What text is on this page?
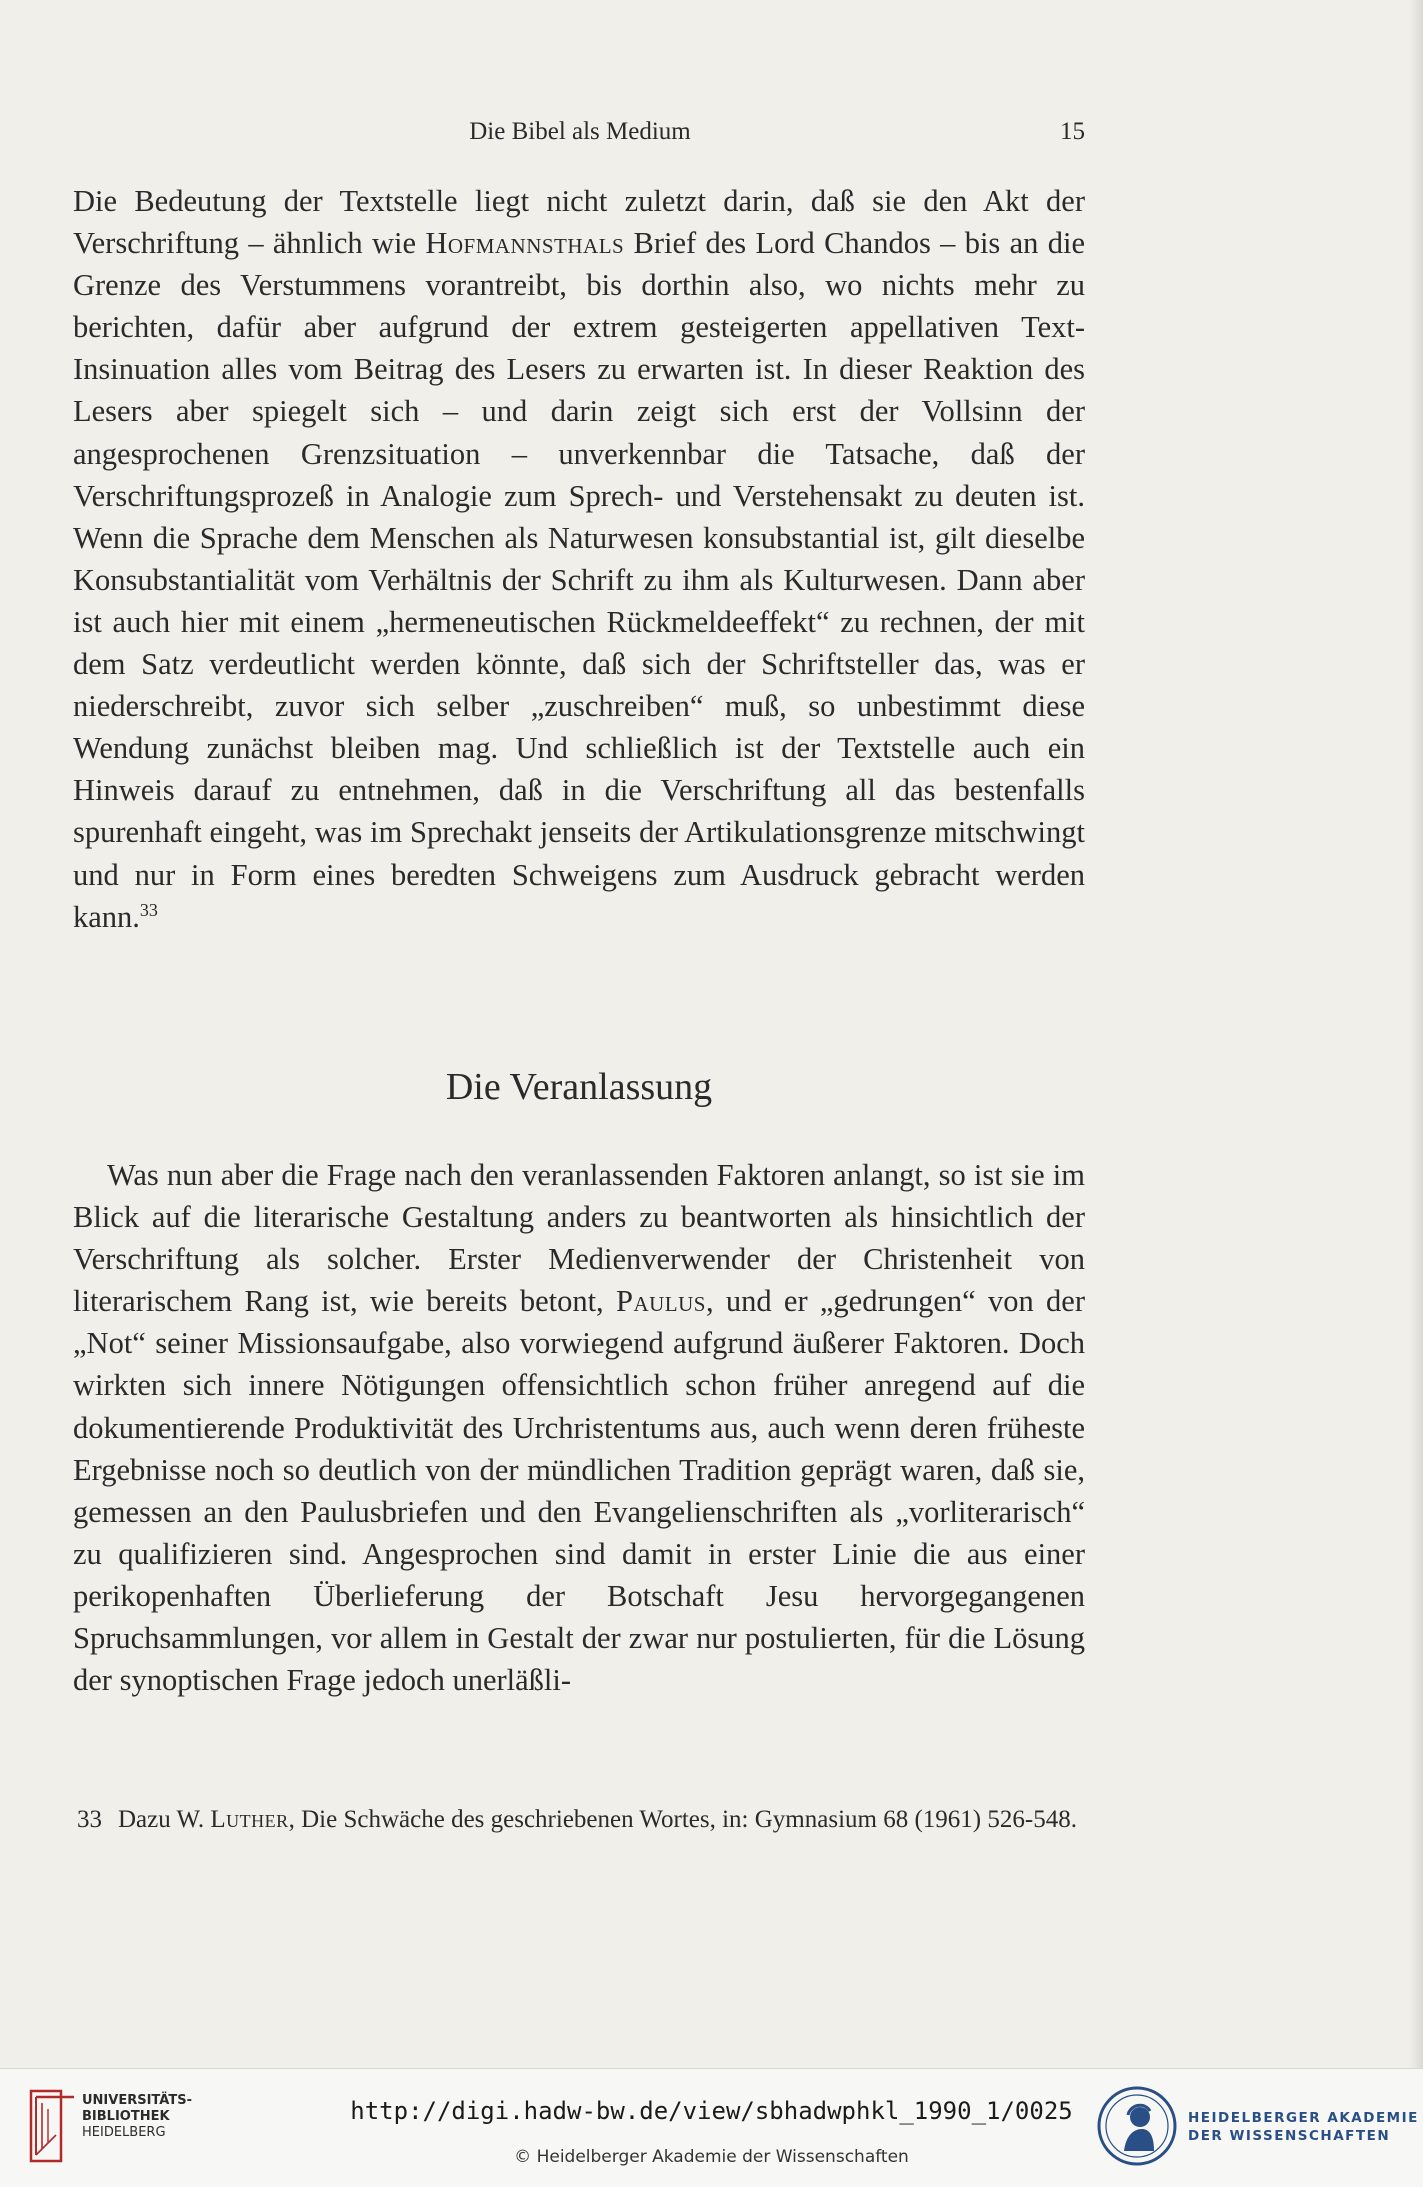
Die Bibel als Medium	15

Die Bedeutung der Textstelle liegt nicht zuletzt darin, daß sie den Akt der Verschriftung – ähnlich wie Hofmannsthals Brief des Lord Chandos – bis an die Grenze des Verstummens vorantreibt, bis dorthin also, wo nichts mehr zu berichten, dafür aber aufgrund der extrem gesteigerten appellativen Text-Insinuation alles vom Beitrag des Lesers zu erwarten ist. In dieser Reaktion des Lesers aber spiegelt sich – und darin zeigt sich erst der Vollsinn der angesprochenen Grenzsituation – unverkennbar die Tatsache, daß der Verschriftungsprozeß in Analogie zum Sprech- und Verstehensakt zu deuten ist. Wenn die Sprache dem Menschen als Naturwesen konsubstantial ist, gilt dieselbe Konsubstantialität vom Verhältnis der Schrift zu ihm als Kulturwesen. Dann aber ist auch hier mit einem „hermeneutischen Rückmeldeeffekt“ zu rechnen, der mit dem Satz verdeutlicht werden könnte, daß sich der Schriftsteller das, was er niederschreibt, zuvor sich selber „zuschreiben“ muß, so unbestimmt diese Wendung zunächst bleiben mag. Und schließlich ist der Textstelle auch ein Hinweis darauf zu entnehmen, daß in die Verschriftung all das bestenfalls spurenhaft eingeht, was im Sprechakt jenseits der Artikulationsgrenze mitschwingt und nur in Form eines beredten Schweigens zum Ausdruck gebracht werden kann.$^{33}$

Die Veranlassung

Was nun aber die Frage nach den veranlassenden Faktoren anlangt, so ist sie im Blick auf die literarische Gestaltung anders zu beantworten als hinsichtlich der Verschriftung als solcher. Erster Medienverwender der Christenheit von literarischem Rang ist, wie bereits betont, Paulus, und er „gedrungen“ von der „Not“ seiner Missionsaufgabe, also vorwiegend aufgrund äußerer Faktoren. Doch wirkten sich innere Nötigungen offensichtlich schon früher anregend auf die dokumentierende Produktivität des Urchristentums aus, auch wenn deren früheste Ergebnisse noch so deutlich von der mündlichen Tradition geprägt waren, daß sie, gemessen an den Paulusbriefen und den Evangelienschriften als „vorliterarisch“ zu qualifizieren sind. Angesprochen sind damit in erster Linie die aus einer perikopenhaften Überlieferung der Botschaft Jesu hervorgegangenen Spruchsammlungen, vor allem in Gestalt der zwar nur postulierten, für die Lösung der synoptischen Frage jedoch unerläßli-

33 Dazu W. Luther, Die Schwäche des geschriebenen Wortes, in: Gymnasium 68 (1961) 526-548.
UNIVERSITÄTS-
BIBLIOTHEK
HEIDELBERG
http://digi.hadw-bw.de/view/sbhadwphkl_1990_1/0025
© Heidelberger Akademie der Wissenschaften
HEIDELBERGER AKADEMIE
DER WISSENSCHAFTEN
